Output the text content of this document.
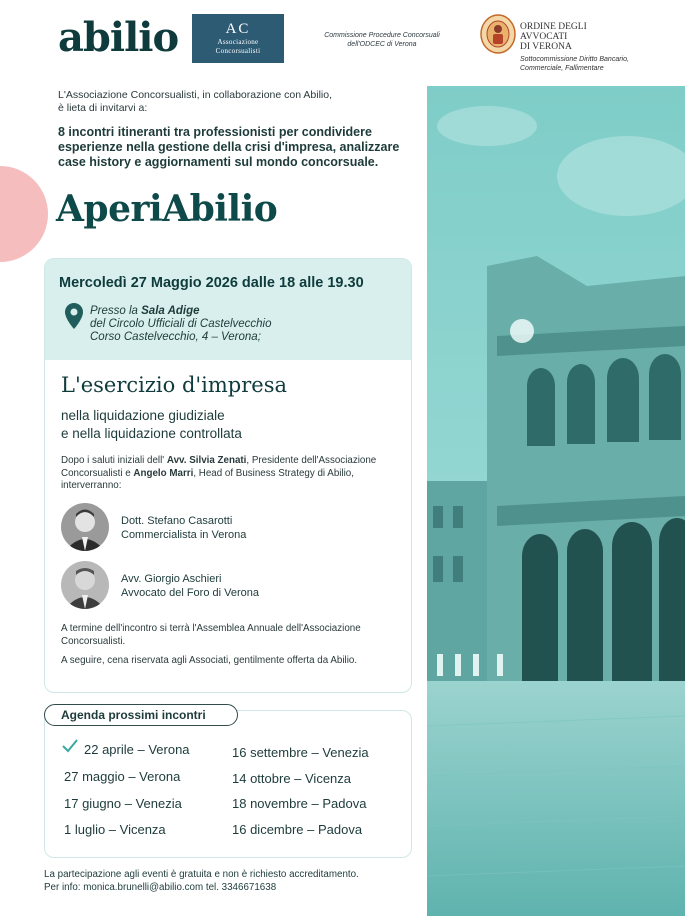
abilio	AC
Associazione
Concorsualisti
Commissione Procedure Concorsuali dell'ODCEC di Verona
ORDINE DEGLI
AVVOCATI
DI VERONA
Sottocommissione Diritto Bancario,
Commerciale, Fallimentare
L'Associazione Concorsualisti, in collaborazione con Abilio,
è lieta di invitarvi a:
8 incontri itineranti tra professionisti per condividere esperienze nella gestione della crisi d'impresa, analizzare case history e aggiornamenti sul mondo concorsuale.
AperiAbilio
Mercoledì 27 Maggio 2026 dalle 18 alle 19.30
Presso la Sala Adige
del Circolo Ufficiali di Castelvecchio
Corso Castelvecchio, 4 – Verona;
L'esercizio d'impresa
nella liquidazione giudiziale
e nella liquidazione controllata
Dopo i saluti iniziali dell' Avv. Silvia Zenati, Presidente dell'Associazione Concorsualisti e Angelo Marri, Head of Business Strategy di Abilio, interverranno:
Dott. Stefano Casarotti
Commercialista in Verona
Avv. Giorgio Aschieri
Avvocato del Foro di Verona

A termine dell'incontro si terrà l'Assemblea Annuale dell'Associazione Concorsualisti.

A seguire, cena riservata agli Associati, gentilmente offerta da Abilio.

Agenda prossimi incontri
22 aprile – Verona
27 maggio – Verona
17 giugno – Venezia
1 luglio – Vicenza
16 settembre – Venezia
14 ottobre – Vicenza
18 novembre – Padova
16 dicembre – Padova
La partecipazione agli eventi è gratuita e non è richiesto accreditamento.
Per info: monica.brunelli@abilio.com tel. 3346671638
